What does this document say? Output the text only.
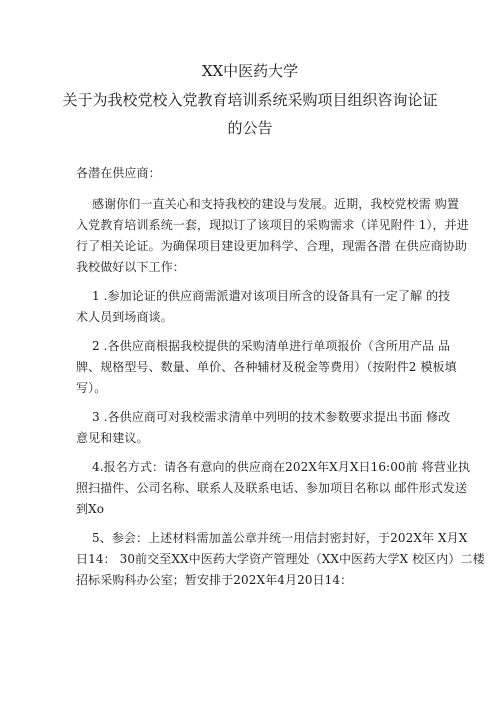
XX中医药大学
关于为我校党校入党教育培训系统采购项目组织咨询论证
的公告
各潜在供应商：
感谢你们一直关心和支持我校的建设与发展。近期，我校党校需 购置
入党教育培训系统一套，现拟订了该项目的采购需求（详见附件 1），并进
行了相关论证。为确保项目建设更加科学、合理，现需各潜 在供应商协助
我校做好以下工作：
1 .参加论证的供应商需派遣对该项目所含的设备具有一定了解 的技
术人员到场商谈。
2 .各供应商根据我校提供的采购清单进行单项报价（含所用产品 品
牌、规格型号、数量、单价、各种辅材及税金等费用）（按附件2 模板填
写）。
3 .各供应商可对我校需求清单中列明的技术参数要求提出书面 修改
意见和建议。
4.报名方式：请各有意向的供应商在202X年X月X日16:00前 将营业执
照扫描件、公司名称、联系人及联系电话、参加项目名称以 邮件形式发送
到Xo
5、参会：上述材料需加盖公章并统一用信封密封好，于202X年 X月X
日14： 30前交至XX中医药大学资产管理处（XX中医药大学X 校区内）二楼
招标采购科办公室；暂安排于202X年4月20日14：
